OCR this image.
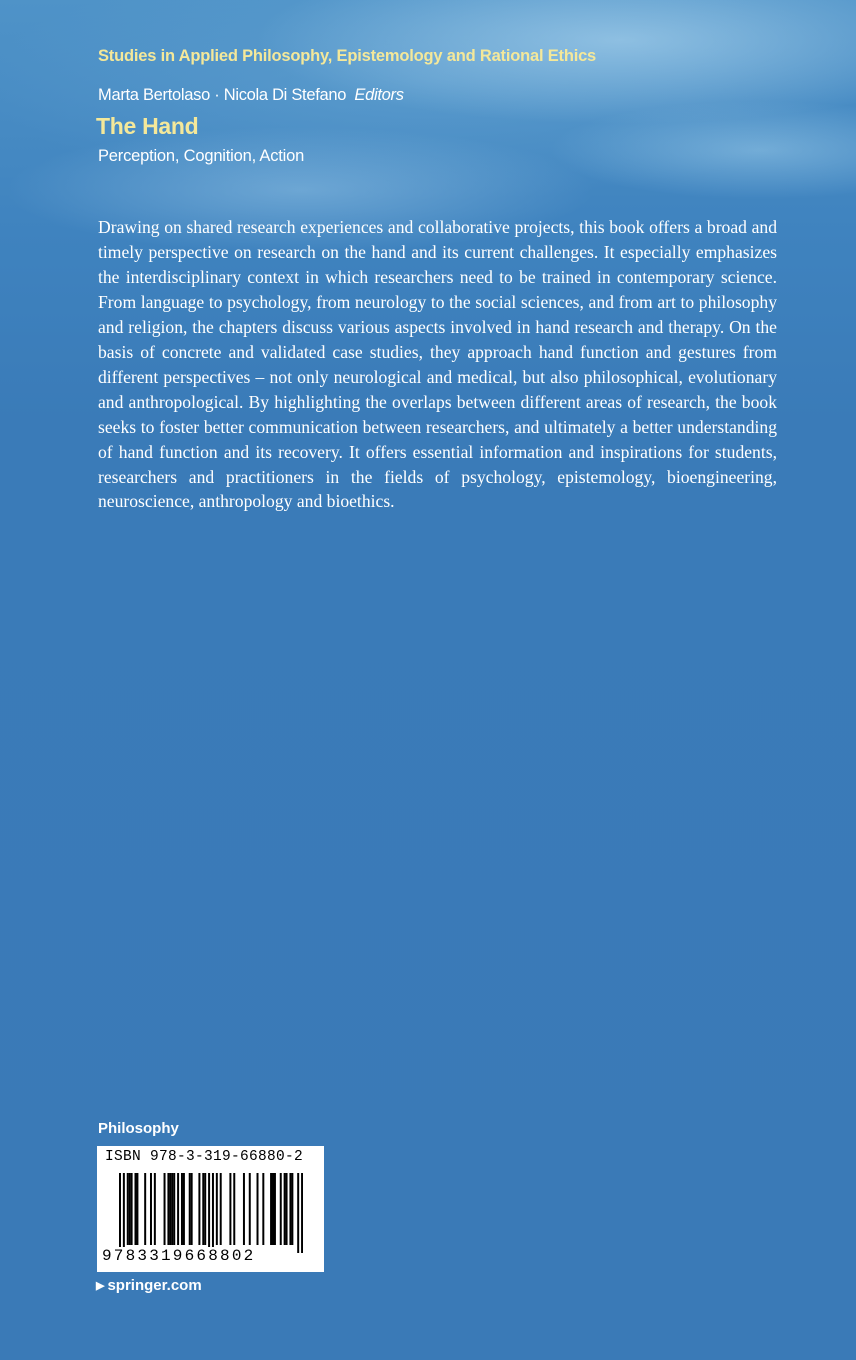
Studies in Applied Philosophy, Epistemology and Rational Ethics
Marta Bertolaso · Nicola Di Stefano Editors
The Hand
Perception, Cognition, Action

Drawing on shared research experiences and collaborative projects, this book offers a broad and timely perspective on research on the hand and its current challenges. It especially emphasizes the interdisciplinary context in which researchers need to be trained in contemporary science. From language to psychology, from neurology to the social sciences, and from art to philosophy and religion, the chapters discuss various aspects involved in hand research and therapy. On the basis of concrete and validated case studies, they approach hand function and gestures from different perspectives – not only neurological and medical, but also philosophical, evolutionary and anthropological. By highlighting the overlaps between different areas of research, the book seeks to foster better communication between researchers, and ultimately a better understanding of hand function and its recovery. It offers essential information and inspirations for students, researchers and practitioners in the fields of psychology, epistemology, bioengineering, neuroscience, anthropology and bioethics.

Philosophy
ISBN 978-3-319-66880-2
9783319668802
▶ springer.com
